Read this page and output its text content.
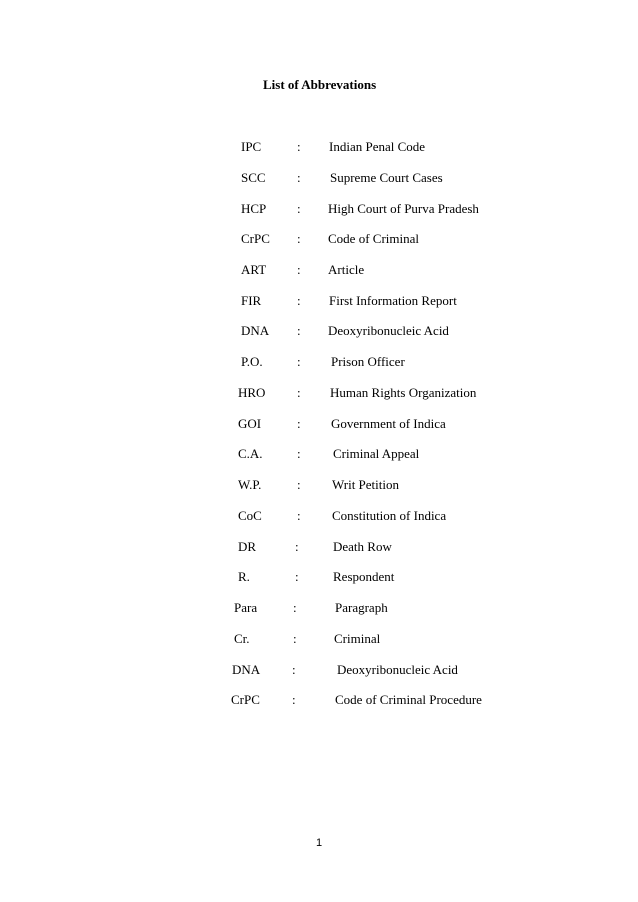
List of Abbrevations
IPC	: Indian Penal Code
SCC : Supreme Court Cases
HCP : High Court of Purva Pradesh
CrPC : Code of Criminal
ART : Article
FIR	: First Information Report
DNA : Deoxyribonucleic Acid
P.O.	: Prison Officer
HRO : Human Rights Organization
GOI	: Government of Indica
C.A.	: Criminal Appeal
W.P.	: Writ Petition
CoC	: Constitution of Indica
DR	:	Death Row
R.	:	Respondent
Para	:	Paragraph
Cr.	:	Criminal
DNA :	Deoxyribonucleic Acid
CrPC :	Code of Criminal Procedure
1
